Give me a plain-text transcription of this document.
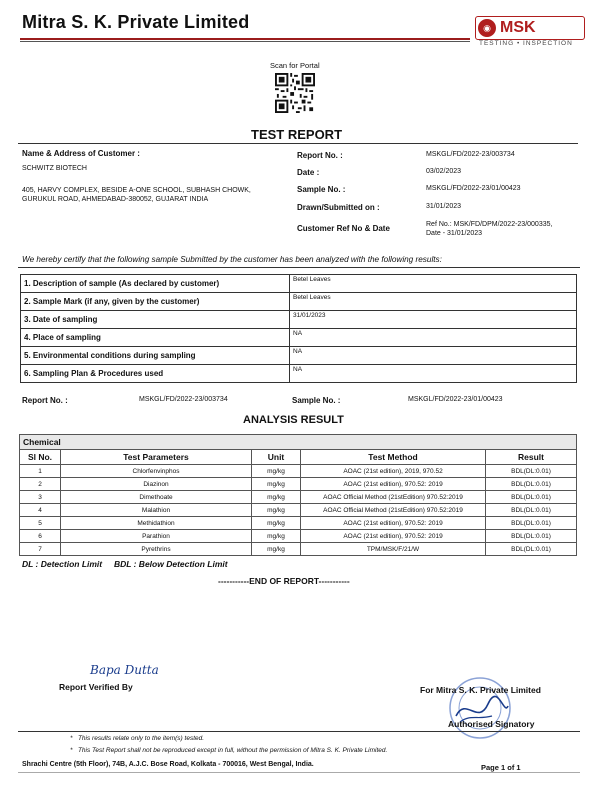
Mitra S. K. Private Limited	◉ MSK
TESTING • INSPECTION
Scan for Portal
TEST REPORT
Name & Address of Customer :
SCHWITZ BIOTECH
405, HARVY COMPLEX, BESIDE A-ONE SCHOOL, SUBHASH CHOWK,
GURUKUL ROAD, AHMEDABAD-380052, GUJARAT INDIA
Report No. :	MSKGL/FD/2022-23/003734
Date :	03/02/2023
Sample No. :	MSKGL/FD/2022-23/01/00423
Drawn/Submitted on :	31/01/2023
Customer Ref No & Date	Ref No.: MSK/FD/DPM/2022-23/000335,
Date - 31/01/2023
We hereby certify that the following sample Submitted by the customer has been analyzed with the following results:
1. Description of sample (As declared by customer)	Betel Leaves
2. Sample Mark (if any, given by the customer)	Betel Leaves
3. Date of sampling	31/01/2023
4. Place of sampling	NA
5. Environmental conditions during sampling	NA
6. Sampling Plan & Procedures used	NA
Report No. :	MSKGL/FD/2022-23/003734	Sample No. :	MSKGL/FD/2022-23/01/00423
ANALYSIS RESULT
Chemical				
Sl No.	Test Parameters	Unit	Test Method	Result
1	Chlorfenvinphos	mg/kg	AOAC (21st edition), 2019, 970.52	BDL(DL:0.01)
2	Diazinon	mg/kg	AOAC (21st edition), 970.52: 2019	BDL(DL:0.01)
3	Dimethoate	mg/kg	AOAC Official Method (21stEdition) 970.52:2019	BDL(DL:0.01)
4	Malathion	mg/kg	AOAC Official Method (21stEdition) 970.52:2019	BDL(DL:0.01)
5	Methidathion	mg/kg	AOAC (21st edition), 970.52: 2019	BDL(DL:0.01)
6	Parathion	mg/kg	AOAC (21st edition), 970.52: 2019	BDL(DL:0.01)
7	Pyrethrins	mg/kg	TPM/MSK/F/21/W	BDL(DL:0.01)
DL : Detection Limit BDL : Below Detection Limit
-----------END OF REPORT-----------
Bapa Dutta
Report Verified By	For Mitra S. K. Private Limited
Authorised Signatory
*   This results relate only to the item(s) tested.
*   This Test Report shall not be reproduced except in full, without the permission of Mitra S. K. Private Limited.
Shrachi Centre (5th Floor), 74B, A.J.C. Bose Road, Kolkata - 700016, West Bengal, India.	Page 1 of 1
